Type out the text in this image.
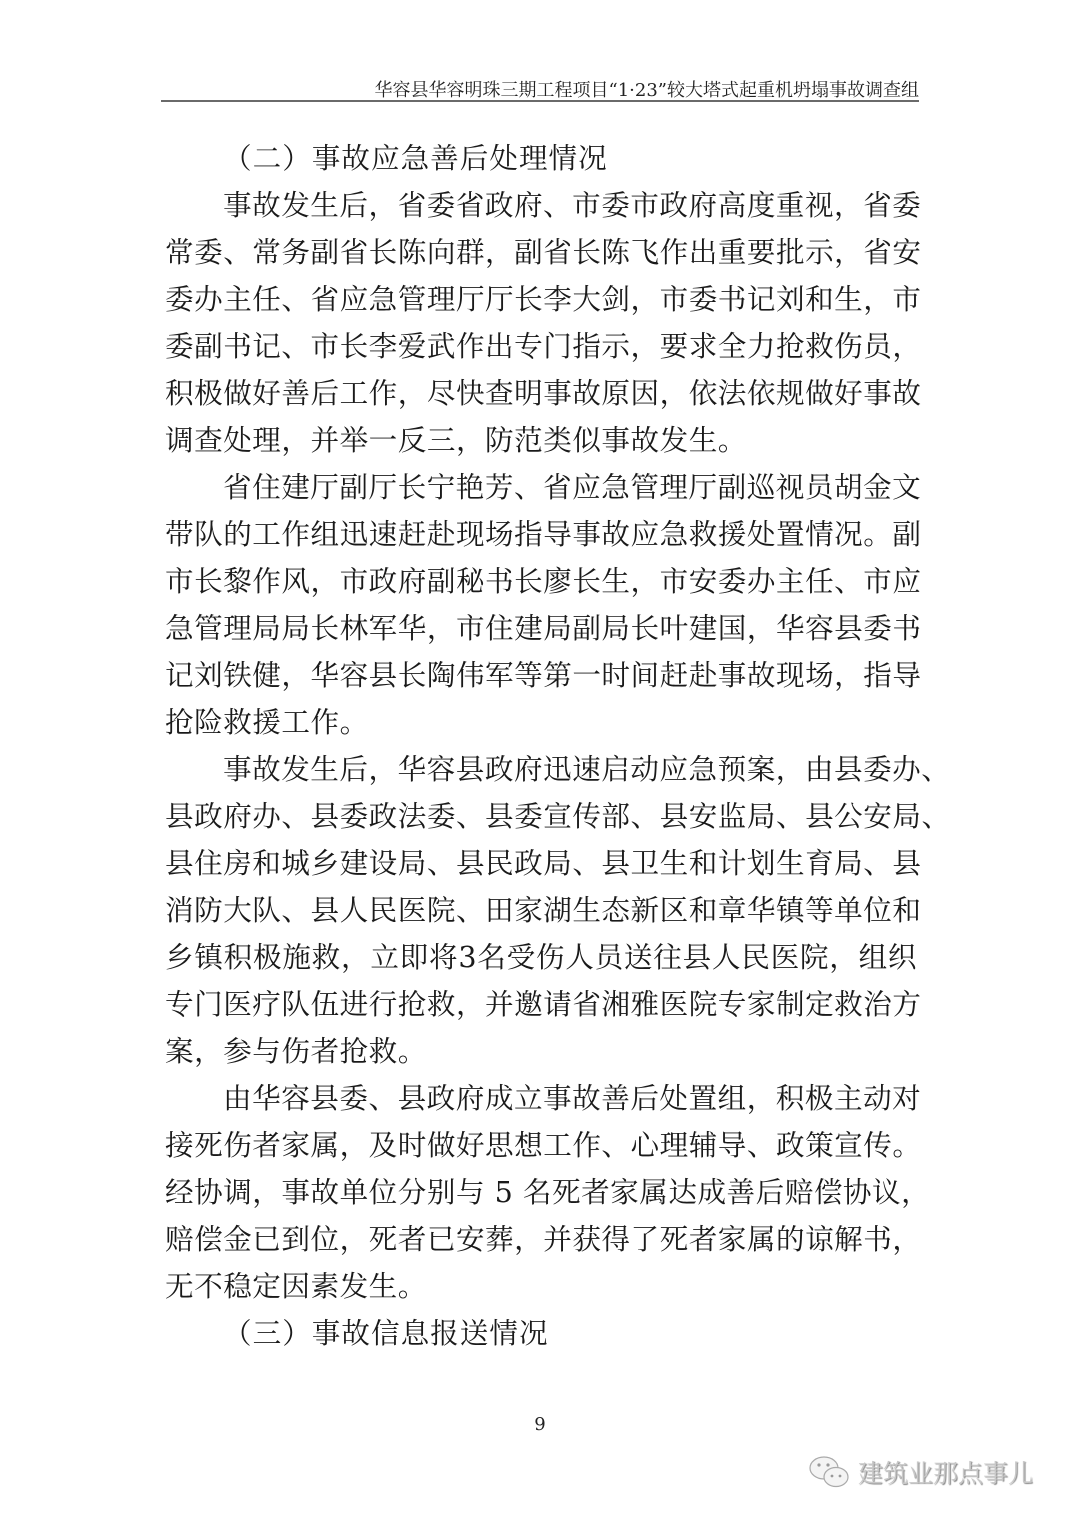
华容县华容明珠三期工程项目“1·23”较大塔式起重机坍塌事故调查组
（二）事故应急善后处理情况
事故发生后，省委省政府、市委市政府高度重视，省委
常委、常务副省长陈向群，副省长陈飞作出重要批示，省安
委办主任、省应急管理厅厅长李大剑，市委书记刘和生，市
委副书记、市长李爱武作出专门指示，要求全力抢救伤员，
积极做好善后工作，尽快查明事故原因，依法依规做好事故
调查处理，并举一反三，防范类似事故发生。
省住建厅副厅长宁艳芳、省应急管理厅副巡视员胡金文
带队的工作组迅速赶赴现场指导事故应急救援处置情况。副
市长黎作风，市政府副秘书长廖长生，市安委办主任、市应
急管理局局长林军华，市住建局副局长叶建国，华容县委书
记刘铁健，华容县长陶伟军等第一时间赶赴事故现场，指导
抢险救援工作。
事故发生后，华容县政府迅速启动应急预案，由县委办、
县政府办、县委政法委、县委宣传部、县安监局、县公安局、
县住房和城乡建设局、县民政局、县卫生和计划生育局、县
消防大队、县人民医院、田家湖生态新区和章华镇等单位和
乡镇积极施救，立即将3名受伤人员送往县人民医院，组织
专门医疗队伍进行抢救，并邀请省湘雅医院专家制定救治方
案，参与伤者抢救。
由华容县委、县政府成立事故善后处置组，积极主动对
接死伤者家属，及时做好思想工作、心理辅导、政策宣传。
经协调，事故单位分别与 5 名死者家属达成善后赔偿协议，
赔偿金已到位，死者已安葬，并获得了死者家属的谅解书，
无不稳定因素发生。
（三）事故信息报送情况
9
建筑业那点事儿
